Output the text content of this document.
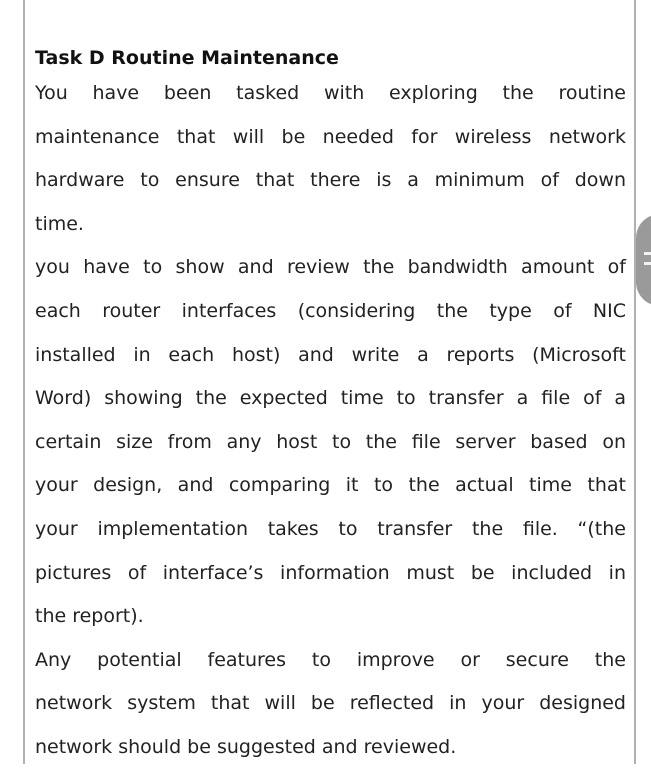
Task D Routine Maintenance

You have been tasked with exploring the routine
maintenance that will be needed for wireless network
hardware to ensure that there is a minimum of down
time.

you have to show and review the bandwidth amount of
each router interfaces (considering the type of NIC
installed in each host) and write a reports (Microsoft
Word) showing the expected time to transfer a file of a
certain size from any host to the file server based on
your design, and comparing it to the actual time that
your implementation takes to transfer the file. “(the
pictures of interface’s information must be included in
the report).

Any potential features to improve or secure the
network system that will be reflected in your designed
network should be suggested and reviewed.
